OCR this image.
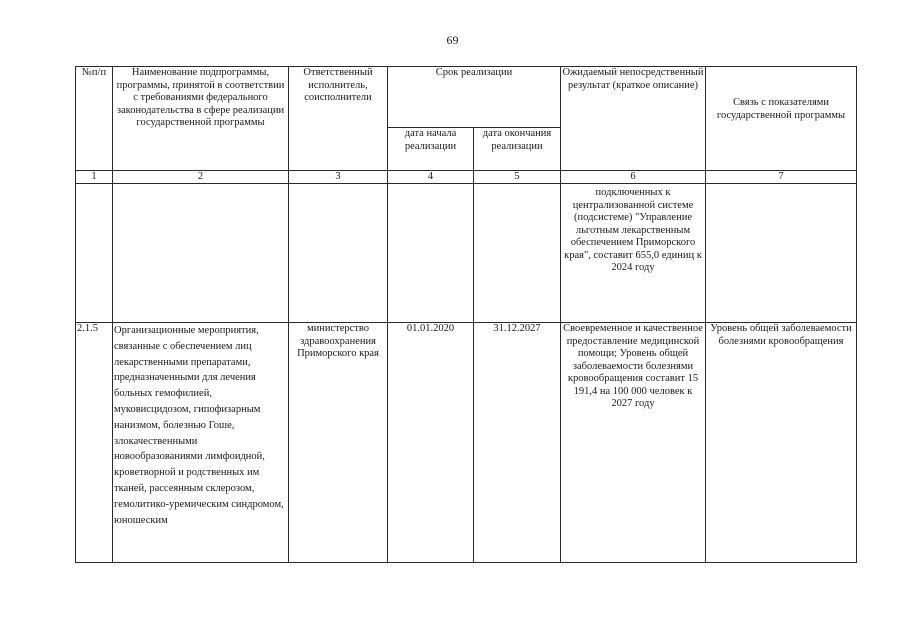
69
№п/п	Наименование подпрограммы, программы, принятой в соответствии с требованиями федерального законодательства в сфере реализации государственной программы	Ответственный исполнитель, соисполнители	Срок реализации		Ожидаемый непосредственный результат (краткое описание)	Связь с показателями государственной программы
			дата начала реализации	дата окончания реализации		
1	2	3	4	5	6	7
					подключенных к централизованной системе (подсистеме) "Управление льготным лекарственным обеспечением Приморского края", составит 655,0 единиц к 2024 году	
2.1.5	Организационные мероприятия, связанные с обеспечением лиц лекарственными препаратами, предназначенными для лечения больных гемофилией, муковисцидозом, гипофизарным нанизмом, болезнью Гоше, злокачественными новообразованиями лимфоидной, кроветворной и родственных им тканей, рассеянным склерозом, гемолитико-уремическим синдромом, юношеским	министерство здравоохранения Приморского края	01.01.2020	31.12.2027	Своевременное и качественное предоставление медицинской помощи; Уровень общей заболеваемости болезнями кровообращения составит 15 191,4 на 100 000 человек к 2027 году	Уровень общей заболеваемости болезнями кровообращения
